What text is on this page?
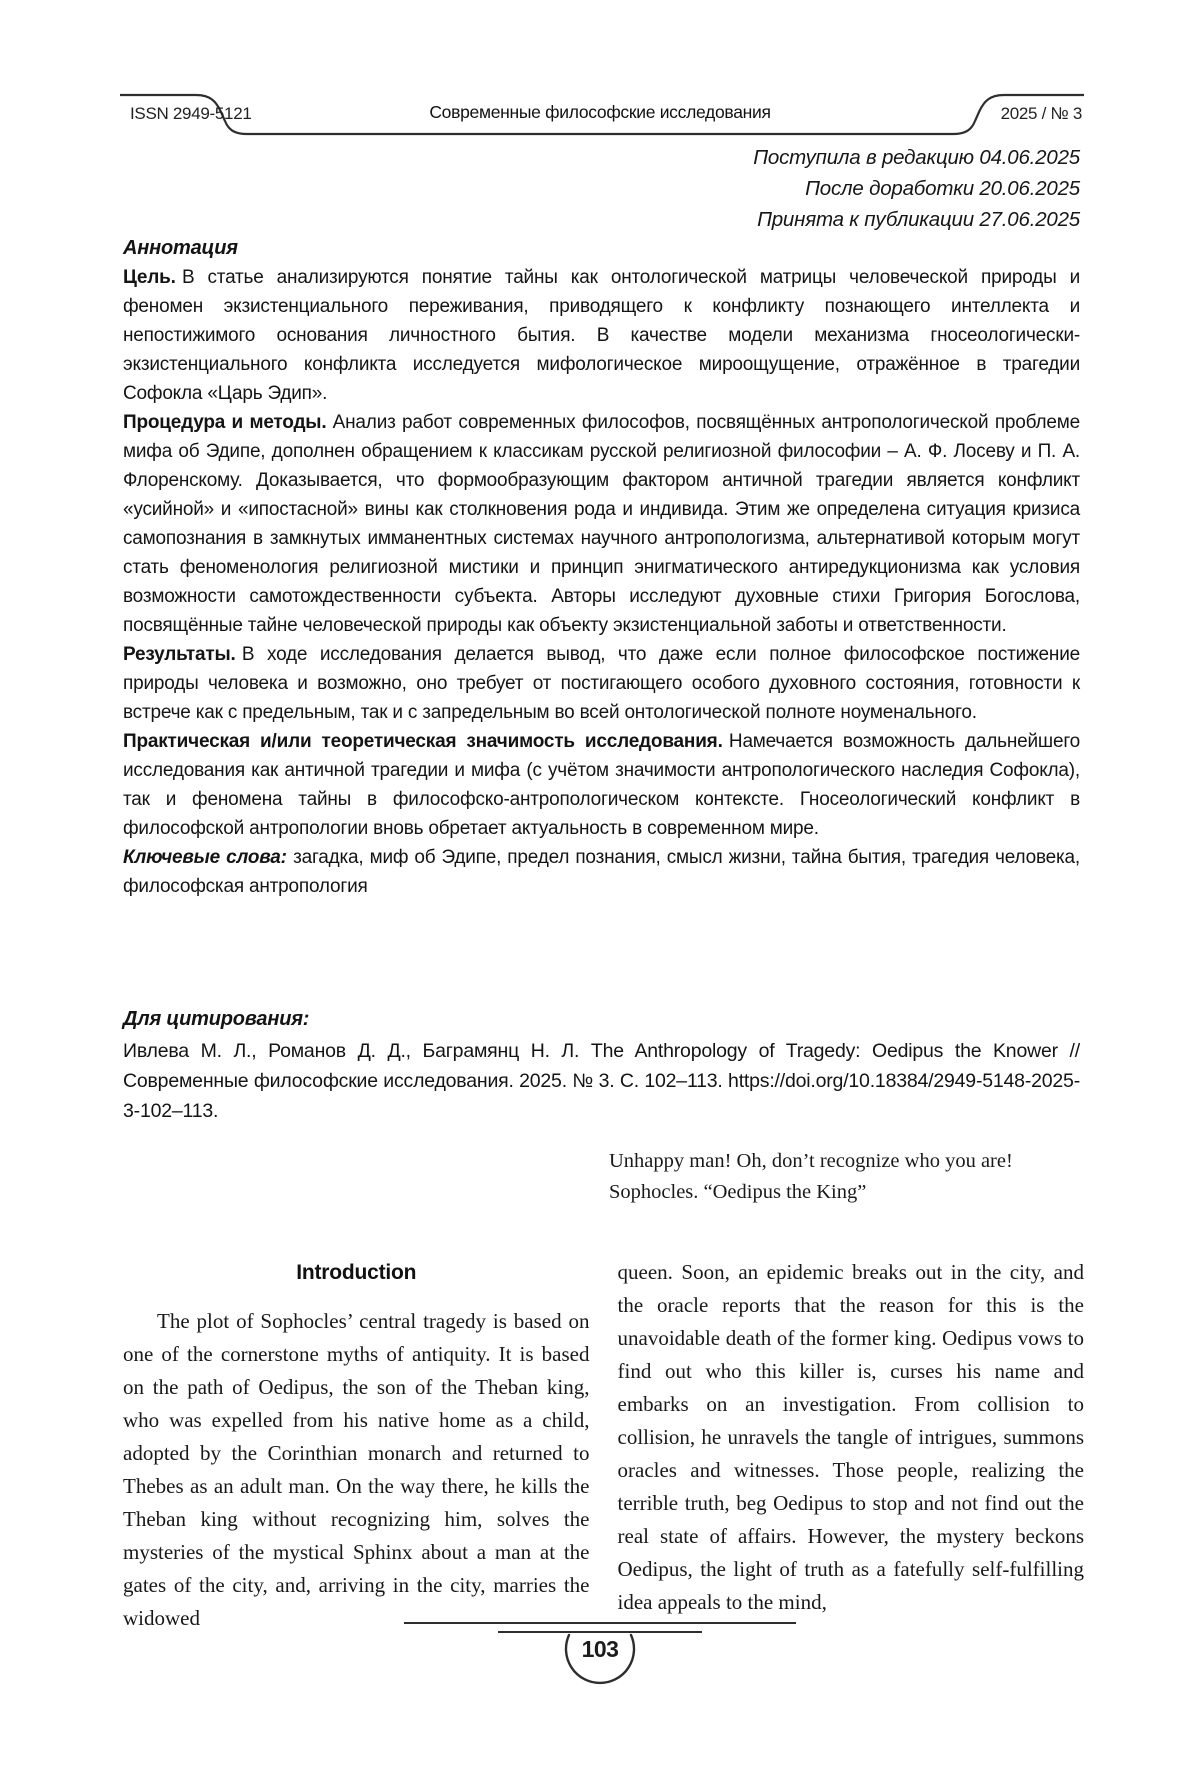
ISSN 2949-5121	Современные философские исследования	2025 / № 3
Поступила в редакцию 04.06.2025
После доработки 20.06.2025
Принята к публикации 27.06.2025
Аннотация

Цель. В статье анализируются понятие тайны как онтологической матрицы человеческой природы и феномен экзистенциального переживания, приводящего к конфликту познающего интеллекта и непостижимого основания личностного бытия. В качестве модели механизма гносеологически-экзистенциального конфликта исследуется мифологическое мироощущение, отражённое в трагедии Софокла «Царь Эдип».

Процедура и методы. Анализ работ современных философов, посвящённых антропологической проблеме мифа об Эдипе, дополнен обращением к классикам русской религиозной философии – А. Ф. Лосеву и П. А. Флоренскому. Доказывается, что формообразующим фактором античной трагедии является конфликт «усийной» и «ипостасной» вины как столкновения рода и индивида. Этим же определена ситуация кризиса самопознания в замкнутых имманентных системах научного антропологизма, альтернативой которым могут стать феноменология религиозной мистики и принцип энигматического антиредукционизма как условия возможности самотождественности субъекта. Авторы исследуют духовные стихи Григория Богослова, посвящённые тайне человеческой природы как объекту экзистенциальной заботы и ответственности.

Результаты. В ходе исследования делается вывод, что даже если полное философское постижение природы человека и возможно, оно требует от постигающего особого духовного состояния, готовности к встрече как с предельным, так и с запредельным во всей онтологической полноте ноуменального.

Практическая и/или теоретическая значимость исследования. Намечается возможность дальнейшего исследования как античной трагедии и мифа (с учётом значимости антропологического наследия Софокла), так и феномена тайны в философско-антропологическом контексте. Гносеологический конфликт в философской антропологии вновь обретает актуальность в современном мире.

Ключевые слова: загадка, миф об Эдипе, предел познания, смысл жизни, тайна бытия, трагедия человека, философская антропология

Для цитирования:

Ивлева М. Л., Романов Д. Д., Баграмянц Н. Л. The Anthropology of Tragedy: Oedipus the Knower // Современные философские исследования. 2025. № 3. С. 102–113. https://doi.org/10.18384/2949-5148-2025-3-102–113.

Unhappy man! Oh, don’t recognize who you are!
Sophocles. “Oedipus the King”
Introduction

The plot of Sophocles’ central tragedy is based on one of the cornerstone myths of antiquity. It is based on the path of Oedipus, the son of the Theban king, who was expelled from his native home as a child, adopted by the Corinthian monarch and returned to Thebes as an adult man. On the way there, he kills the Theban king without recognizing him, solves the mysteries of the mystical Sphinx about a man at the gates of the city, and, arriving in the city, marries the widowed

queen. Soon, an epidemic breaks out in the city, and the oracle reports that the reason for this is the unavoidable death of the former king. Oedipus vows to find out who this killer is, curses his name and embarks on an investigation. From collision to collision, he unravels the tangle of intrigues, summons oracles and witnesses. Those people, realizing the terrible truth, beg Oedipus to stop and not find out the real state of affairs. However, the mystery beckons Oedipus, the light of truth as a fatefully self-fulfilling idea appeals to the mind,

103
